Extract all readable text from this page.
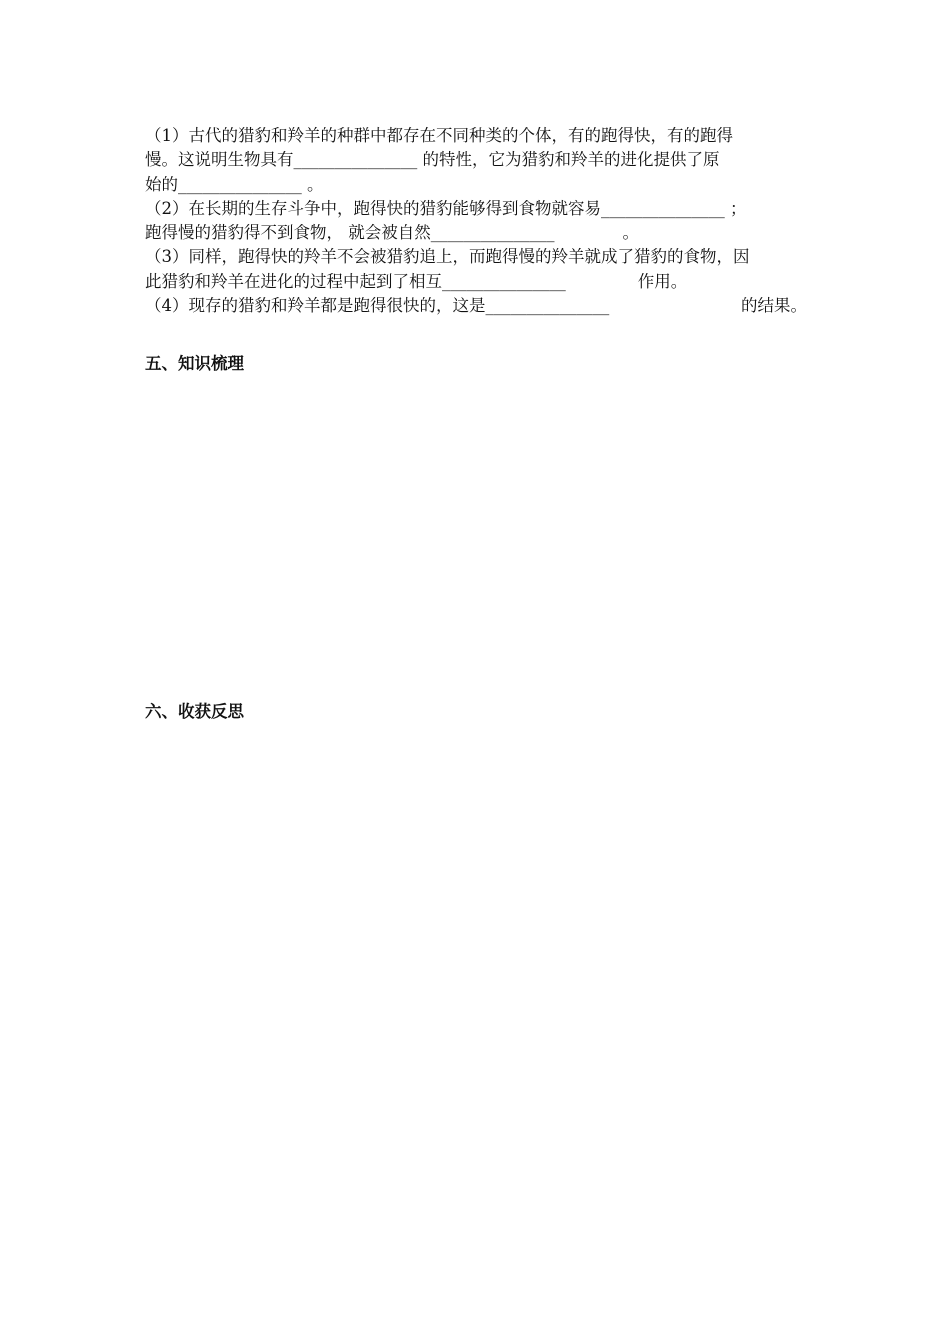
（1）古代的猎豹和羚羊的种群中都存在不同种类的个体，有的跑得快，有的跑得
慢。这说明生物具有_______________ 的特性，它为猎豹和羚羊的进化提供了原
始的_______________ 。
（2）在长期的生存斗争中，跑得快的猎豹能够得到食物就容易_______________ ；
跑得慢的猎豹得不到食物， 就会被自然_______________	。
（3）同样，跑得快的羚羊不会被猎豹追上，而跑得慢的羚羊就成了猎豹的食物，因
此猎豹和羚羊在进化的过程中起到了相互_______________	作用。
（4）现存的猎豹和羚羊都是跑得很快的，这是_______________	的结果。
五、知识梳理
六、收获反思
